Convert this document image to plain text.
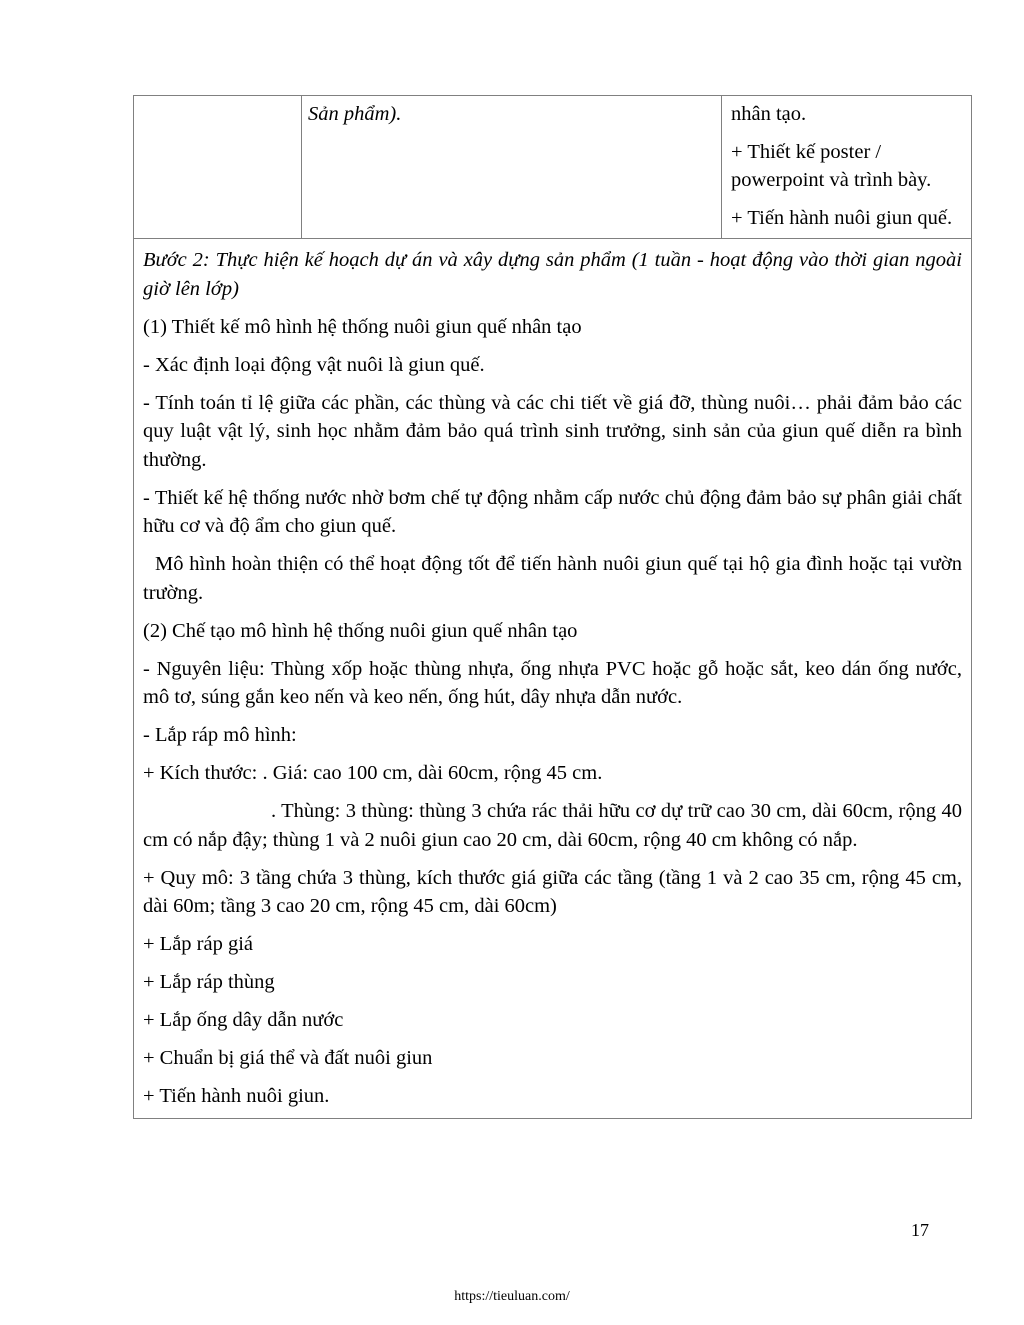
	Sản phẩm).	nhân tạo.

+ Thiết kế poster / powerpoint và trình bày.

+ Tiến hành nuôi giun quế.

Bước 2: Thực hiện kế hoạch dự án và xây dựng sản phẩm (1 tuần - hoạt động vào thời gian ngoài giờ lên lớp)

(1) Thiết kế mô hình hệ thống nuôi giun quế nhân tạo

- Xác định loại động vật nuôi là giun quế.

- Tính toán tỉ lệ giữa các phần, các thùng và các chi tiết về giá đỡ, thùng nuôi… phải đảm bảo các quy luật vật lý, sinh học nhằm đảm bảo quá trình sinh trưởng, sinh sản của giun quế diễn ra bình thường.

- Thiết kế hệ thống nước nhờ bơm chế tự động nhằm cấp nước chủ động đảm bảo sự phân giải chất hữu cơ và độ ẩm cho giun quế.

Mô hình hoàn thiện có thể hoạt động tốt để tiến hành nuôi giun quế tại hộ gia đình hoặc tại vườn trường.

(2) Chế tạo mô hình hệ thống nuôi giun quế nhân tạo

- Nguyên liệu: Thùng xốp hoặc thùng nhựa, ống nhựa PVC hoặc gỗ hoặc sắt, keo dán ống nước, mô tơ, súng gắn keo nến và keo nến, ống hút, dây nhựa dẫn nước.

- Lắp ráp mô hình:

+ Kích thước: . Giá: cao 100 cm, dài 60cm, rộng 45 cm.

. Thùng: 3 thùng: thùng 3 chứa rác thải hữu cơ dự trữ cao 30 cm, dài 60cm, rộng 40 cm có nắp đậy; thùng 1 và 2 nuôi giun cao 20 cm, dài 60cm, rộng 40 cm không có nắp.

+ Quy mô: 3 tầng chứa 3 thùng, kích thước giá giữa các tầng (tầng 1 và 2 cao 35 cm, rộng 45 cm, dài 60m; tầng 3 cao 20 cm, rộng 45 cm, dài 60cm)

+ Lắp ráp giá

+ Lắp ráp thùng

+ Lắp ống dây dẫn nước

+ Chuẩn bị giá thể và đất nuôi giun

+ Tiến hành nuôi giun.

17
https://tieuluan.com/
